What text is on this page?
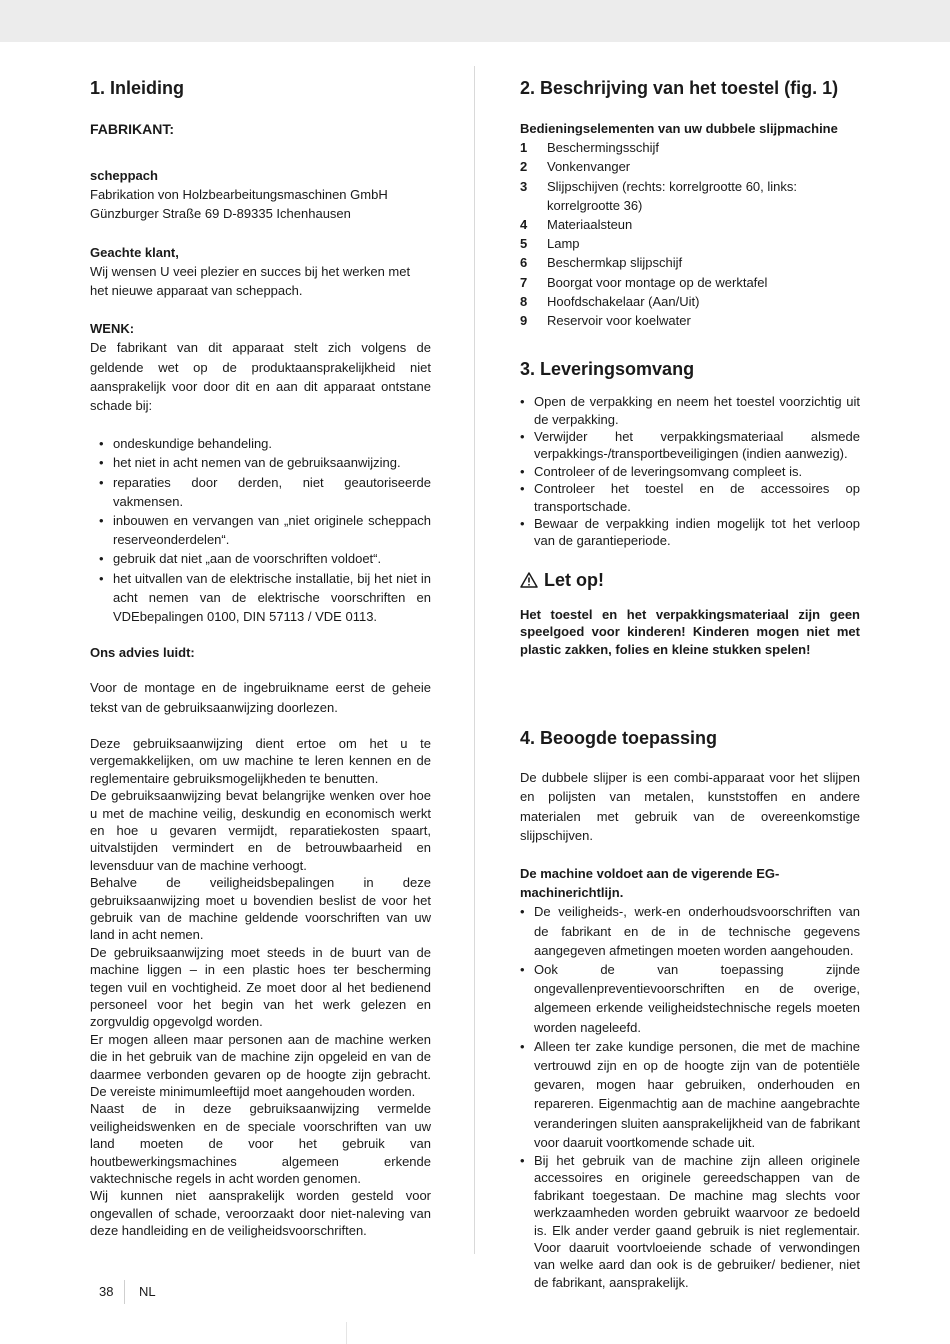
1. Inleiding
FABRIKANT:

scheppach

Fabrikation von Holzbearbeitungsmaschinen GmbH

Günzburger Straße 69 D-89335 Ichenhausen

Geachte klant,

Wij wensen U veei plezier en succes bij het werken met het nieuwe apparaat van scheppach.

WENK:

De fabrikant van dit apparaat stelt zich volgens de geldende wet op de produktaansprakelijkheid niet aansprakelijk voor door dit en aan dit apparaat ontstane schade bij:

• ondeskundige behandeling.
• het niet in acht nemen van de gebruiksaanwijzing.
• reparaties door derden, niet geautoriseerde vakmensen.
• inbouwen en vervangen van „niet originele scheppach reserveonderdelen“.
• gebruik dat niet „aan de voorschriften voldoet“.
• het uitvallen van de elektrische installatie, bij het niet in acht nemen van de elektrische voorschriften en VDEbepalingen 0100, DIN 57113 / VDE 0113.

Ons advies luidt:

Voor de montage en de ingebruikname eerst de geheie tekst van de gebruiksaanwijzing doorlezen.

Deze gebruiksaanwijzing dient ertoe om het u te vergemakkelijken, om uw machine te leren kennen en de reglementaire gebruiksmogelijkheden te benutten.

De gebruiksaanwijzing bevat belangrijke wenken over hoe u met de machine veilig, deskundig en economisch werkt en hoe u gevaren vermijdt, reparatiekosten spaart, uitvalstijden vermindert en de betrouwbaarheid en levensduur van de machine verhoogt.

Behalve de veiligheidsbepalingen in deze gebruiksaanwijzing moet u bovendien beslist de voor het gebruik van de machine geldende voorschriften van uw land in acht nemen.

De gebruiksaanwijzing moet steeds in de buurt van de machine liggen – in een plastic hoes ter bescherming tegen vuil en vochtigheid. Ze moet door al het bedienend personeel voor het begin van het werk gelezen en zorgvuldig opgevolgd worden.

Er mogen alleen maar personen aan de machine werken die in het gebruik van de machine zijn opgeleid en van de daarmee verbonden gevaren op de hoogte zijn gebracht. De vereiste minimumleeftijd moet aangehouden worden.

Naast de in deze gebruiksaanwijzing vermelde veiligheidswenken en de speciale voorschriften van uw land moeten de voor het gebruik van houtbewerkingsmachines algemeen erkende vaktechnische regels in acht worden genomen.

Wij kunnen niet aansprakelijk worden gesteld voor ongevallen of schade, veroorzaakt door niet-naleving van deze handleiding en de veiligheidsvoorschriften.

2. Beschrijving van het toestel (fig. 1)

Bedieningselementen van uw dubbele slijpmachine

1	Beschermingsschijf
2	Vonkenvanger
3	Slijpschijven (rechts: korrelgrootte 60, links: korrelgrootte 36)
4	Materiaalsteun
5	Lamp
6	Beschermkap slijpschijf
7	Boorgat voor montage op de werktafel
8	Hoofdschakelaar (Aan/Uit)
9	Reservoir voor koelwater
3. Leveringsomvang
• Open de verpakking en neem het toestel voorzichtig uit de verpakking.
• Verwijder het verpakkingsmateriaal alsmede verpakkings-/transportbeveiligingen (indien aanwezig).
• Controleer of de leveringsomvang compleet is.
• Controleer het toestel en de accessoires op transportschade.
• Bewaar de verpakking indien mogelijk tot het verloop van de garantieperiode.
Let op!

Het toestel en het verpakkingsmateriaal zijn geen speelgoed voor kinderen! Kinderen mogen niet met plastic zakken, folies en kleine stukken spelen!

4. Beoogde toepassing

De dubbele slijper is een combi-apparaat voor het slijpen en polijsten van metalen, kunststoffen en andere materialen met gebruik van de overeenkomstige slijpschijven.

De machine voldoet aan de vigerende EG-machinerichtlijn.

• De veiligheids-, werk-en onderhoudsvoorschriften van de fabrikant en de in de technische gegevens aangegeven afmetingen moeten worden aangehouden.
• Ook de van toepassing zijnde ongevallenpreventievoorschriften en de overige, algemeen erkende veiligheidstechnische regels moeten worden nageleefd.
• Alleen ter zake kundige personen, die met de machine vertrouwd zijn en op de hoogte zijn van de potentiële gevaren, mogen haar gebruiken, onderhouden en repareren. Eigenmachtig aan de machine aangebrachte veranderingen sluiten aansprakelijkheid van de fabrikant voor daaruit voortkomende schade uit.
• Bij het gebruik van de machine zijn alleen originele accessoires en originele gereedschappen van de fabrikant toegestaan. De machine mag slechts voor werkzaamheden worden gebruikt waarvoor ze bedoeld is. Elk ander verder gaand gebruik is niet reglementair. Voor daaruit voortvloeiende schade of verwondingen van welke aard dan ook is de gebruiker/ bediener, niet de fabrikant, aansprakelijk.
38 NL
